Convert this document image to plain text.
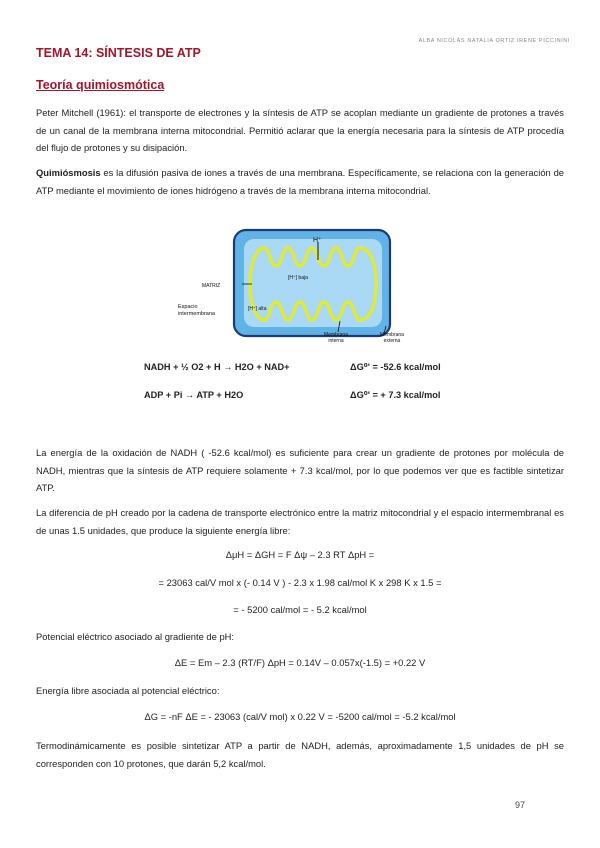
ALBA NICOLÁS NATALIA ORTIZ IRENE PICCININI
TEMA 14: SÍNTESIS DE ATP
Teoría quimiosmótica
Peter Mitchell (1961): el transporte de electrones y la síntesis de ATP se acoplan mediante un gradiente de protones a través de un canal de la membrana interna mitocondrial. Permitió aclarar que la energía necesaria para la síntesis de ATP procedía del flujo de protones y su disipación.
Quimiósmosis es la difusión pasiva de iones a través de una membrana. Específicamente, se relaciona con la generación de ATP mediante el movimiento de iones hidrógeno a través de la membrana interna mitocondrial.
H⁺
MATRIZ
[H⁺] baja
[H⁺] alta
Espacio intermembrana
Membrana interna
Membrana externa
NADH + ½ O2 + H → H2O + NAD+	ΔG⁰' = -52.6 kcal/mol
ADP + Pi → ATP + H2O	ΔG⁰' = + 7.3 kcal/mol
La energía de la oxidación de NADH ( -52.6 kcal/mol) es suficiente para crear un gradiente de protones por molécula de NADH, mientras que la síntesis de ATP requiere solamente + 7.3 kcal/mol, por lo que podemos ver que es factible sintetizar ATP.
La diferencia de pH creado por la cadena de transporte electrónico entre la matriz mitocondrial y el espacio intermembranal es de unas 1.5 unidades, que produce la siguiente energía libre:
ΔμH = ΔGH = F Δψ – 2.3 RT ΔpH =
= 23063 cal/V mol x (- 0.14 V ) - 2.3 x 1.98 cal/mol K x 298 K x 1.5 =
= - 5200 cal/mol = - 5.2 kcal/mol
Potencial eléctrico asociado al gradiente de pH:
ΔE = Em – 2.3 (RT/F) ΔpH = 0.14V – 0.057x(-1.5) = +0.22 V
Energía libre asociada al potencial eléctrico:
ΔG = -nF ΔE = - 23063 (cal/V mol) x 0.22 V = -5200 cal/mol = -5.2 kcal/mol
Termodinámicamente es posible sintetizar ATP a partir de NADH, además, aproximadamente 1,5 unidades de pH se corresponden con 10 protones, que darán 5,2 kcal/mol.
97
